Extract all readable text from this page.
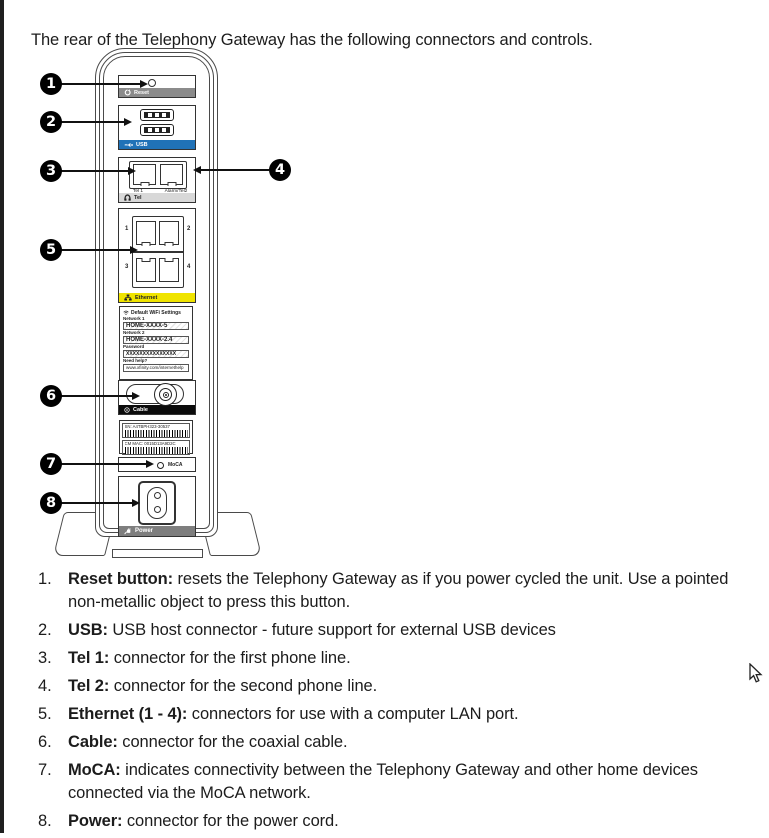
The rear of the Telephony Gateway has the following connectors and controls.

Reset
USB
Tel 1	Alarm/Tel2
Tel
1	2
3	4
Ethernet
Default WiFi Settings
Network 1
HOME-XXXX-5
Network 2
HOME-XXXX-2.4
Password
XXXXXXXXXXXXXXX
Need help?
www.xfinity.com/internethelp
Cable
SN: A4TBPH323-30537
CM MAC: 0015D13A9D2C
MoCA
Power
1
2
3	4
5
6
7
8
1. Reset button: resets the Telephony Gateway as if you power cycled the unit. Use a pointed non-metallic object to press this button.
2. USB: USB host connector - future support for external USB devices
3. Tel 1: connector for the first phone line.
4. Tel 2: connector for the second phone line.
5. Ethernet (1 - 4): connectors for use with a computer LAN port.
6. Cable: connector for the coaxial cable.
7. MoCA: indicates connectivity between the Telephony Gateway and other home devices connected via the MoCA network.
8. Power: connector for the power cord.
